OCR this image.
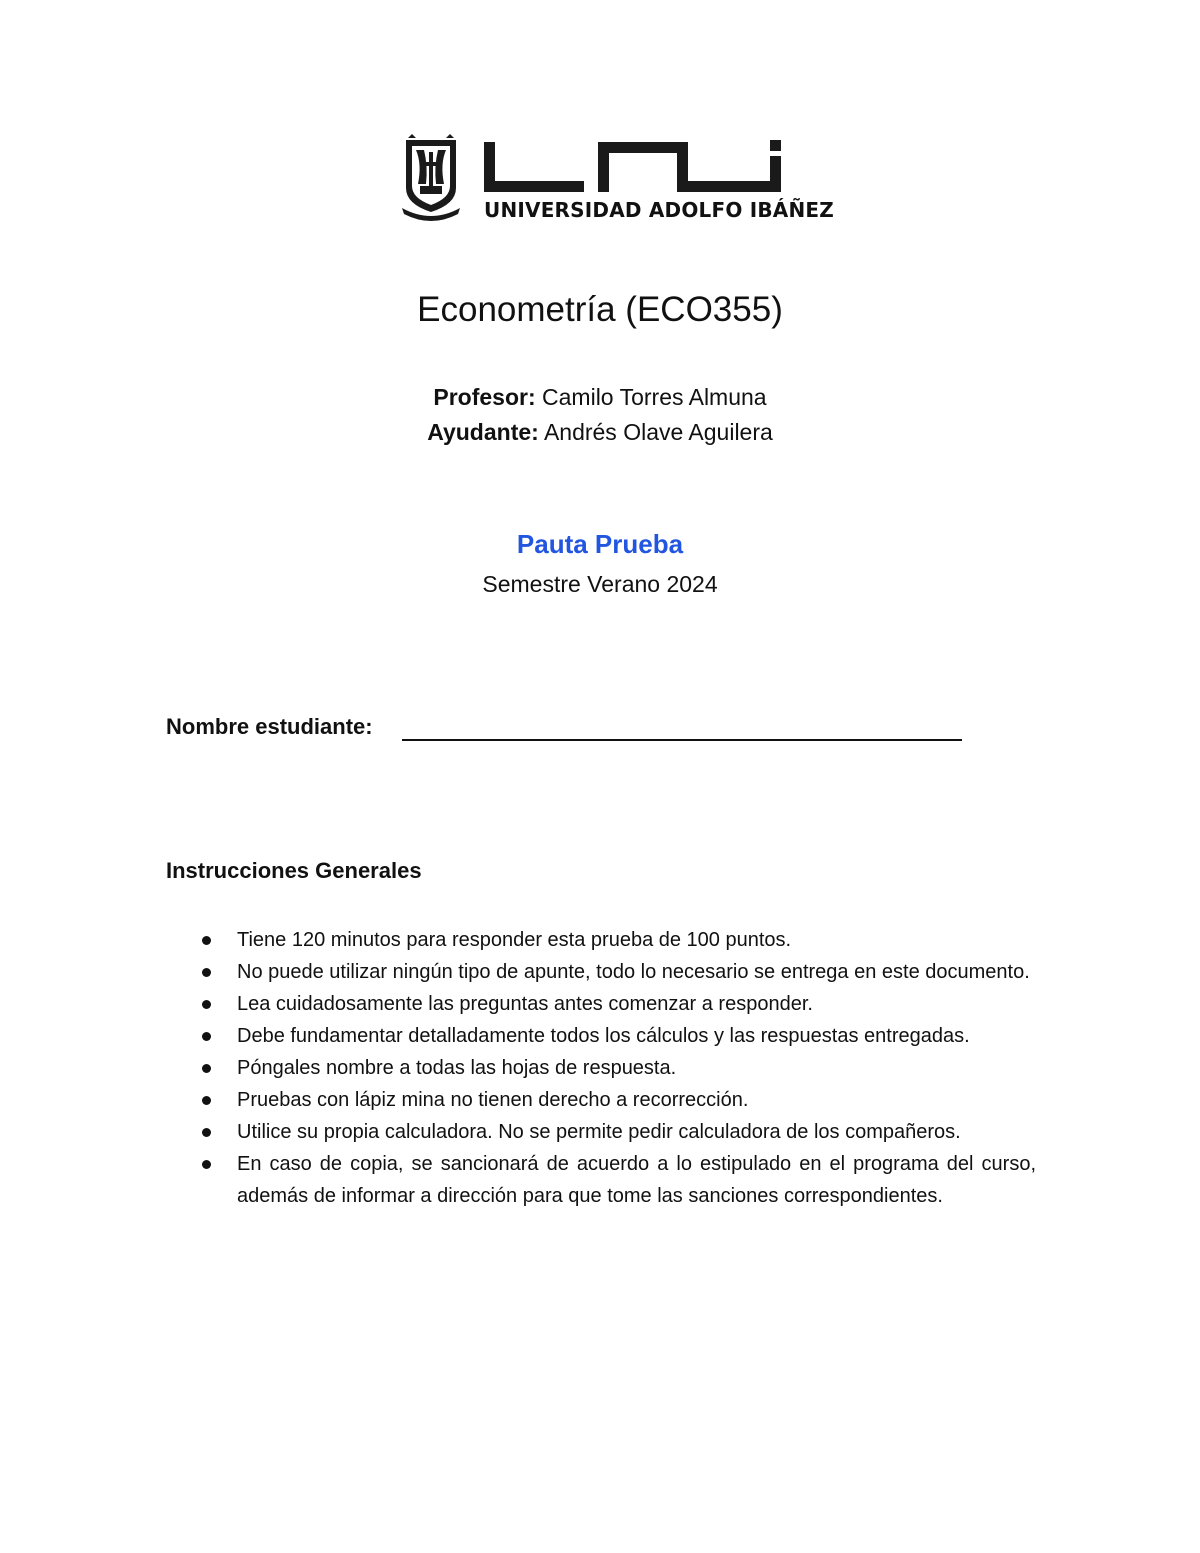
UNIVERSIDAD ADOLFO IBÁÑEZ
Econometría (ECO355)
Profesor: Camilo Torres Almuna
Ayudante: Andrés Olave Aguilera
Pauta Prueba
Semestre Verano 2024
Nombre estudiante:
Instrucciones Generales
Tiene 120 minutos para responder esta prueba de 100 puntos.
No puede utilizar ningún tipo de apunte, todo lo necesario se entrega en este documento.
Lea cuidadosamente las preguntas antes comenzar a responder.
Debe fundamentar detalladamente todos los cálculos y las respuestas entregadas.
Póngales nombre a todas las hojas de respuesta.
Pruebas con lápiz mina no tienen derecho a recorrección.
Utilice su propia calculadora. No se permite pedir calculadora de los compañeros.
En caso de copia, se sancionará de acuerdo a lo estipulado en el programa del curso, además de informar a dirección para que tome las sanciones correspondientes.
